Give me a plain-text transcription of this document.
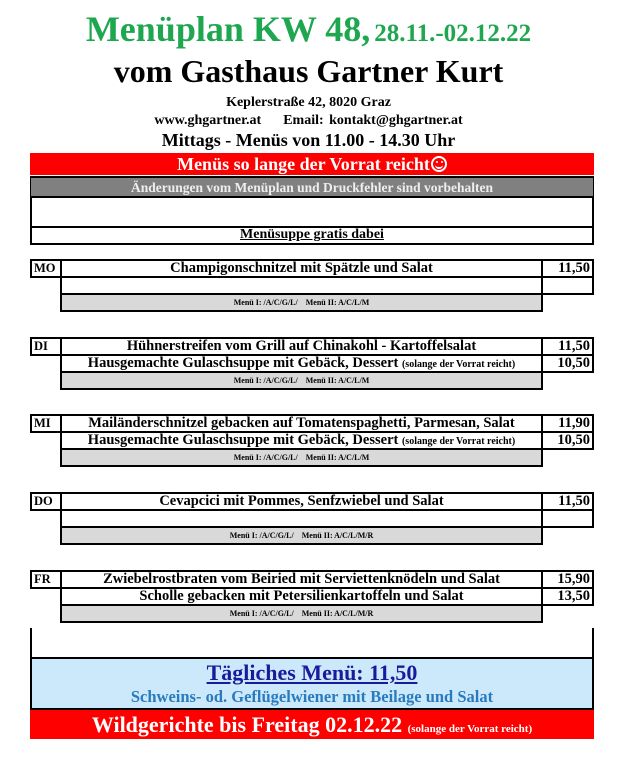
Menüplan KW 48, 28.11.-02.12.22
vom Gasthaus Gartner Kurt
Keplerstraße 42, 8020 Graz
www.ghgartner.at Email: kontakt@ghgartner.at
Mittags - Menüs von 11.00 - 14.30 Uhr
Menüs so lange der Vorrat reicht
Änderungen vom Menüplan und Druckfehler sind vorbehalten
Menüsuppe gratis dabei
MO	Champigonschnitzel mit Spätzle und Salat	11,50
Menü I: /A/C/G/L/    Menü II: A/C/L/M
DI	Hühnerstreifen vom Grill auf Chinakohl - Kartoffelsalat	11,50
Hausgemachte Gulaschsuppe mit Gebäck, Dessert (solange der Vorrat reicht)	10,50
Menü I: /A/C/G/L/    Menü II: A/C/L/M
MI	Mailänderschnitzel gebacken auf Tomatenspaghetti, Parmesan, Salat	11,90
Hausgemachte Gulaschsuppe mit Gebäck, Dessert (solange der Vorrat reicht)	10,50
Menü I: /A/C/G/L/    Menü II: A/C/L/M
DO	Cevapcici mit Pommes, Senfzwiebel und Salat	11,50
Menü I: /A/C/G/L/    Menü II: A/C/L/M/R
FR	Zwiebelrostbraten vom Beiried mit Serviettenknödeln und Salat	15,90
Scholle gebacken mit Petersilienkartoffeln und Salat	13,50
Menü I: /A/C/G/L/    Menü II: A/C/L/M/R
Tägliches Menü: 11,50
Schweins- od. Geflügelwiener mit Beilage und Salat
Wildgerichte bis Freitag 02.12.22 (solange der Vorrat reicht)
